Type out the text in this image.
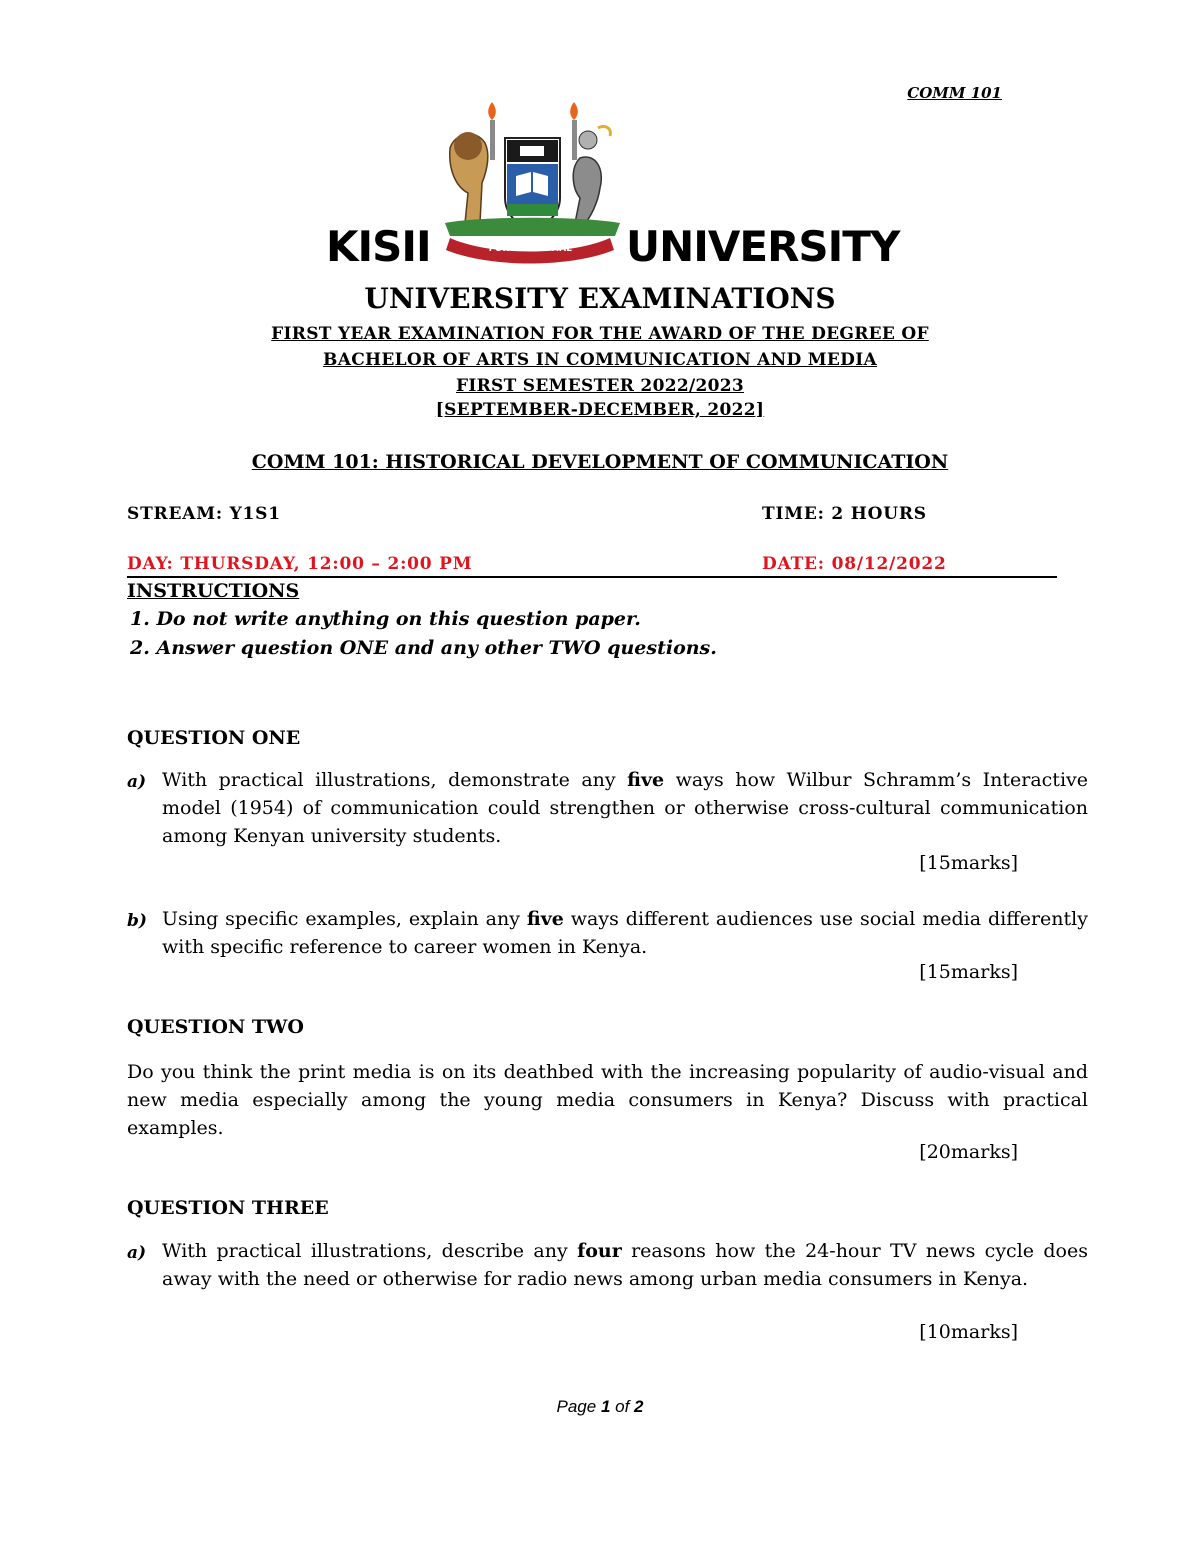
COMM 101
FONS SCIENTIAE
KISII	UNIVERSITY
UNIVERSITY EXAMINATIONS
FIRST YEAR EXAMINATION FOR THE AWARD OF THE DEGREE OF
BACHELOR OF ARTS IN COMMUNICATION AND MEDIA
FIRST SEMESTER 2022/2023
[SEPTEMBER-DECEMBER, 2022]
COMM 101: HISTORICAL DEVELOPMENT OF COMMUNICATION
STREAM: Y1S1	TIME: 2 HOURS
DAY: THURSDAY, 12:00 – 2:00 PM	DATE: 08/12/2022
INSTRUCTIONS
1. Do not write anything on this question paper.
2. Answer question ONE and any other TWO questions.
QUESTION ONE
a) With practical illustrations, demonstrate any five ways how Wilbur Schramm’s Interactive model (1954) of communication could strengthen or otherwise cross-cultural communication among Kenyan university students.
[15marks]
b) Using specific examples, explain any five ways different audiences use social media differently with specific reference to career women in Kenya.
[15marks]
QUESTION TWO
Do you think the print media is on its deathbed with the increasing popularity of audio-visual and new media especially among the young media consumers in Kenya? Discuss with practical examples.
[20marks]
QUESTION THREE
a) With practical illustrations, describe any four reasons how the 24-hour TV news cycle does away with the need or otherwise for radio news among urban media consumers in Kenya.
[10marks]
Page 1 of 2
